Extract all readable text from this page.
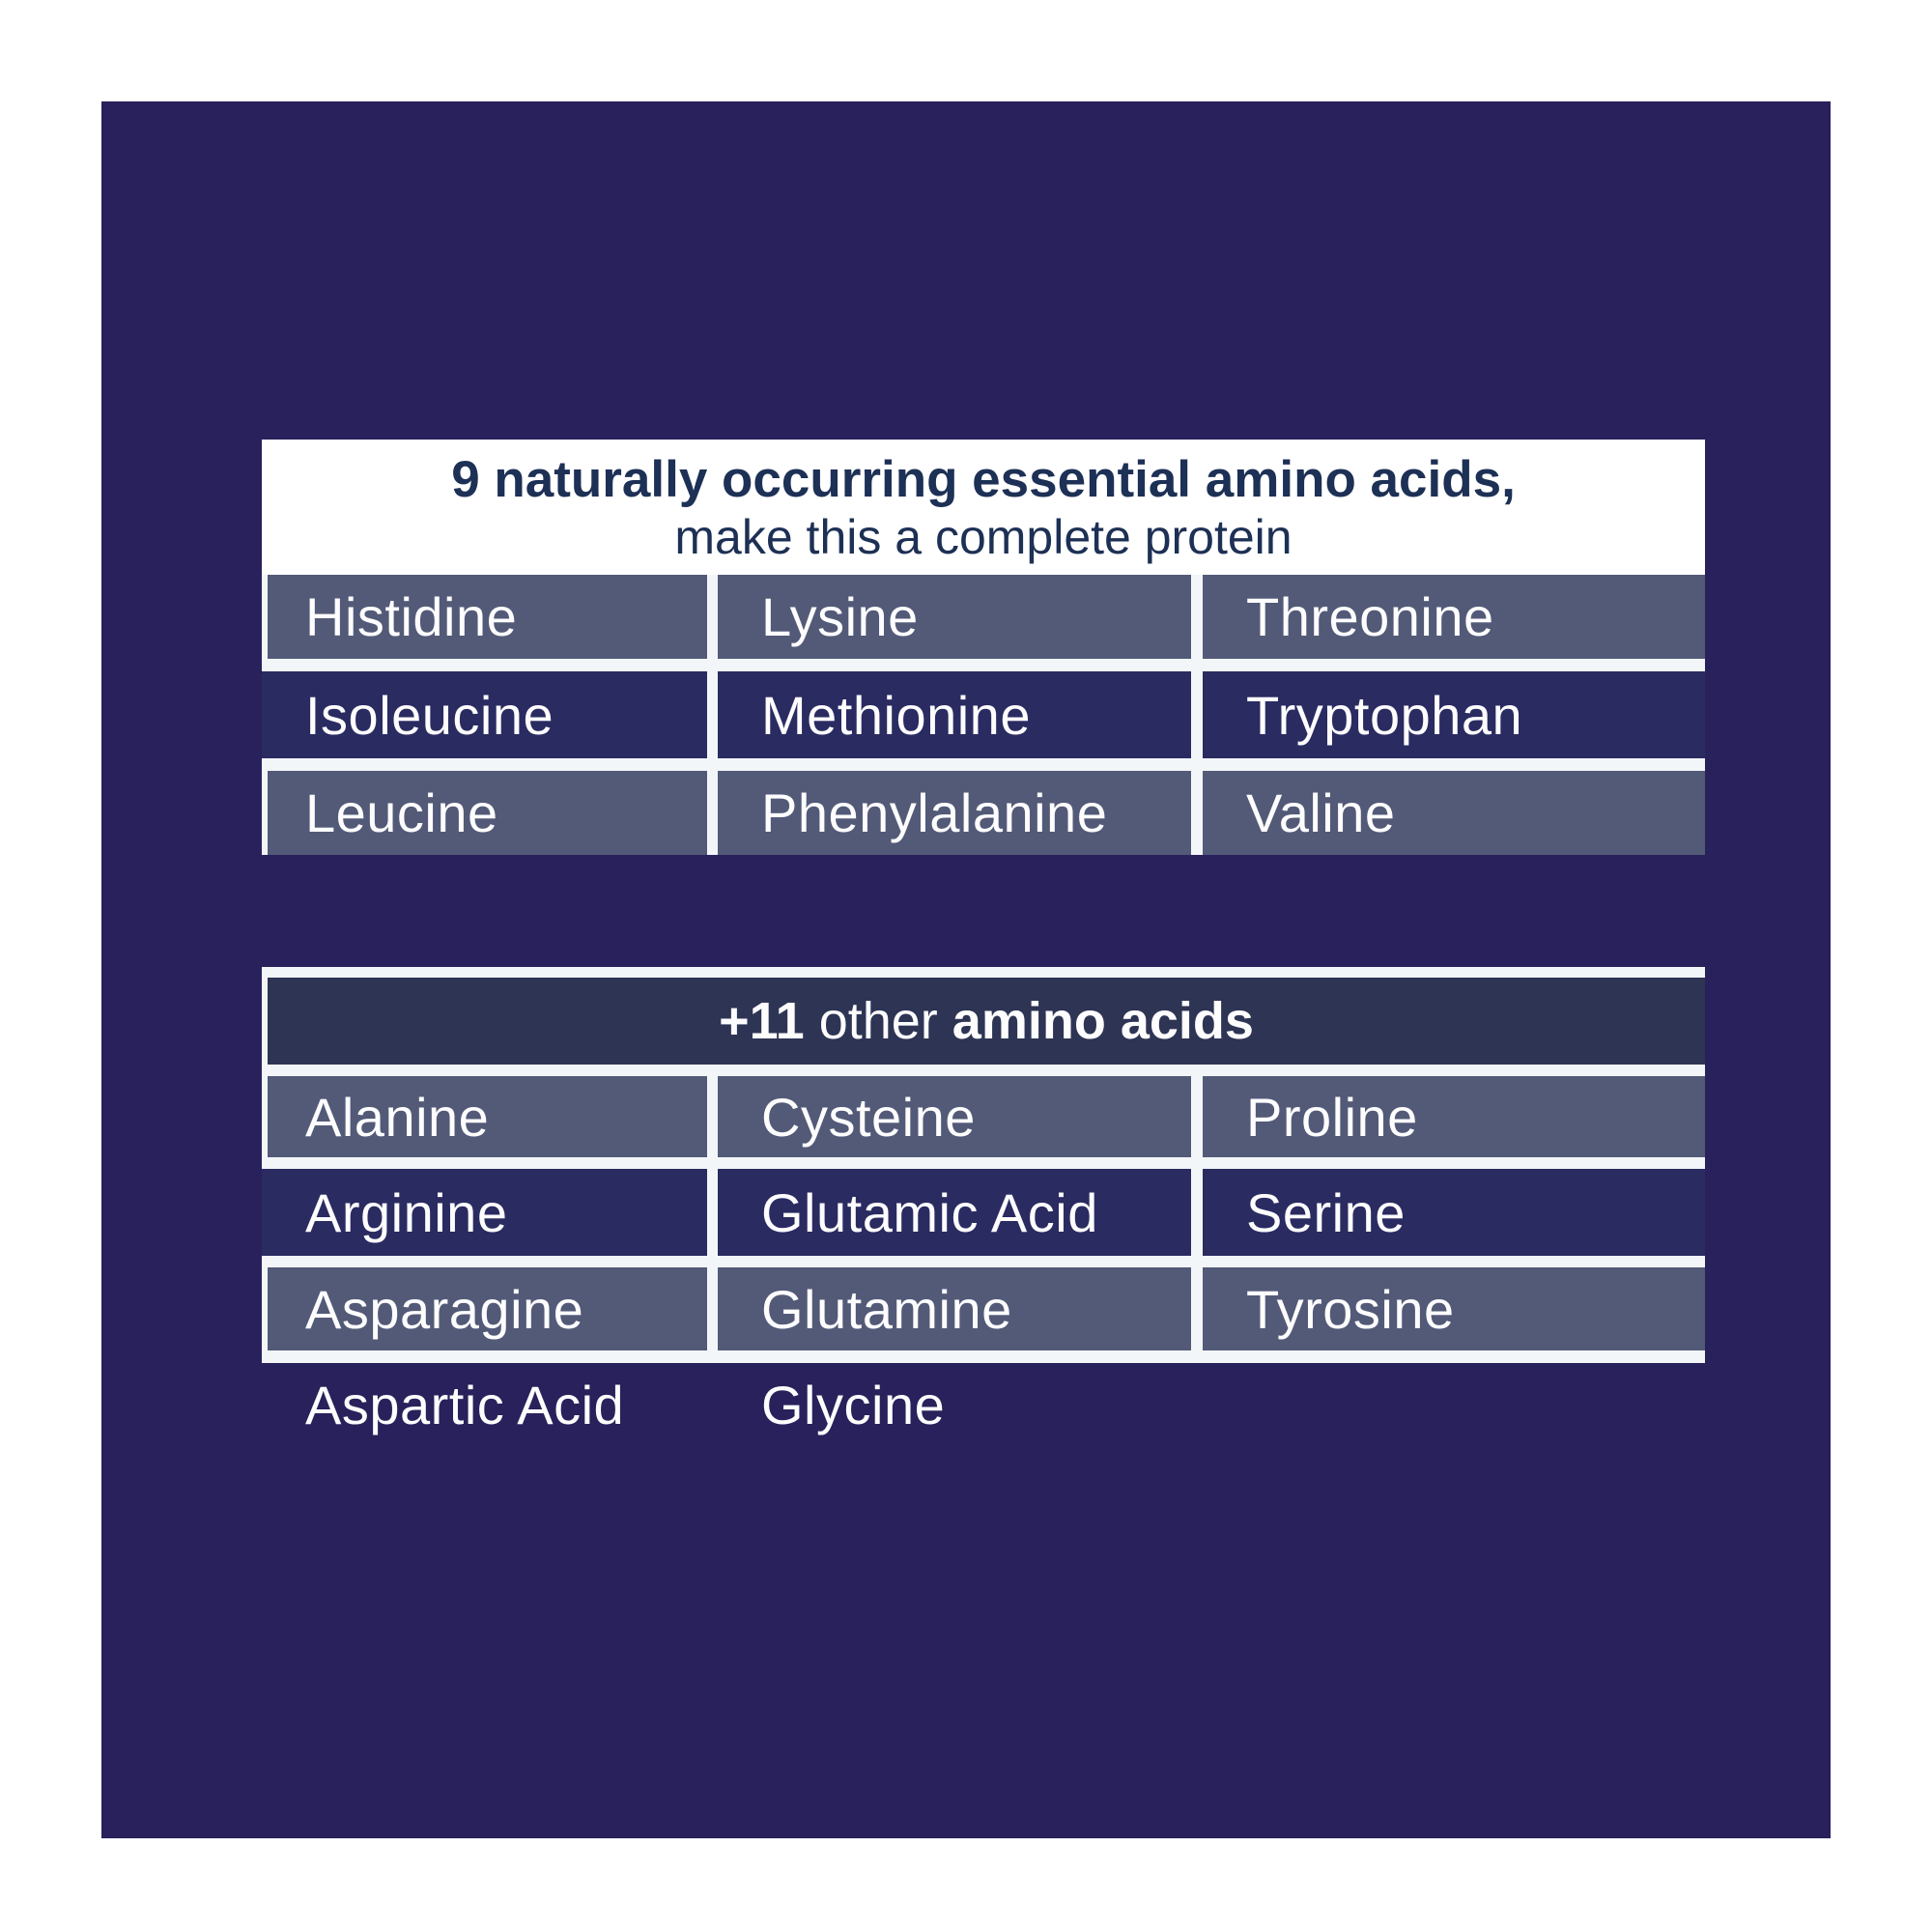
9 naturally occurring essential amino acids,
make this a complete protein
Histidine	Lysine	Threonine
Isoleucine	Methionine	Tryptophan
Leucine	Phenylalanine	Valine
+11 other amino acids
Alanine	Cysteine	Proline
Arginine	Glutamic Acid	Serine
Asparagine	Glutamine	Tyrosine
Aspartic Acid	Glycine
